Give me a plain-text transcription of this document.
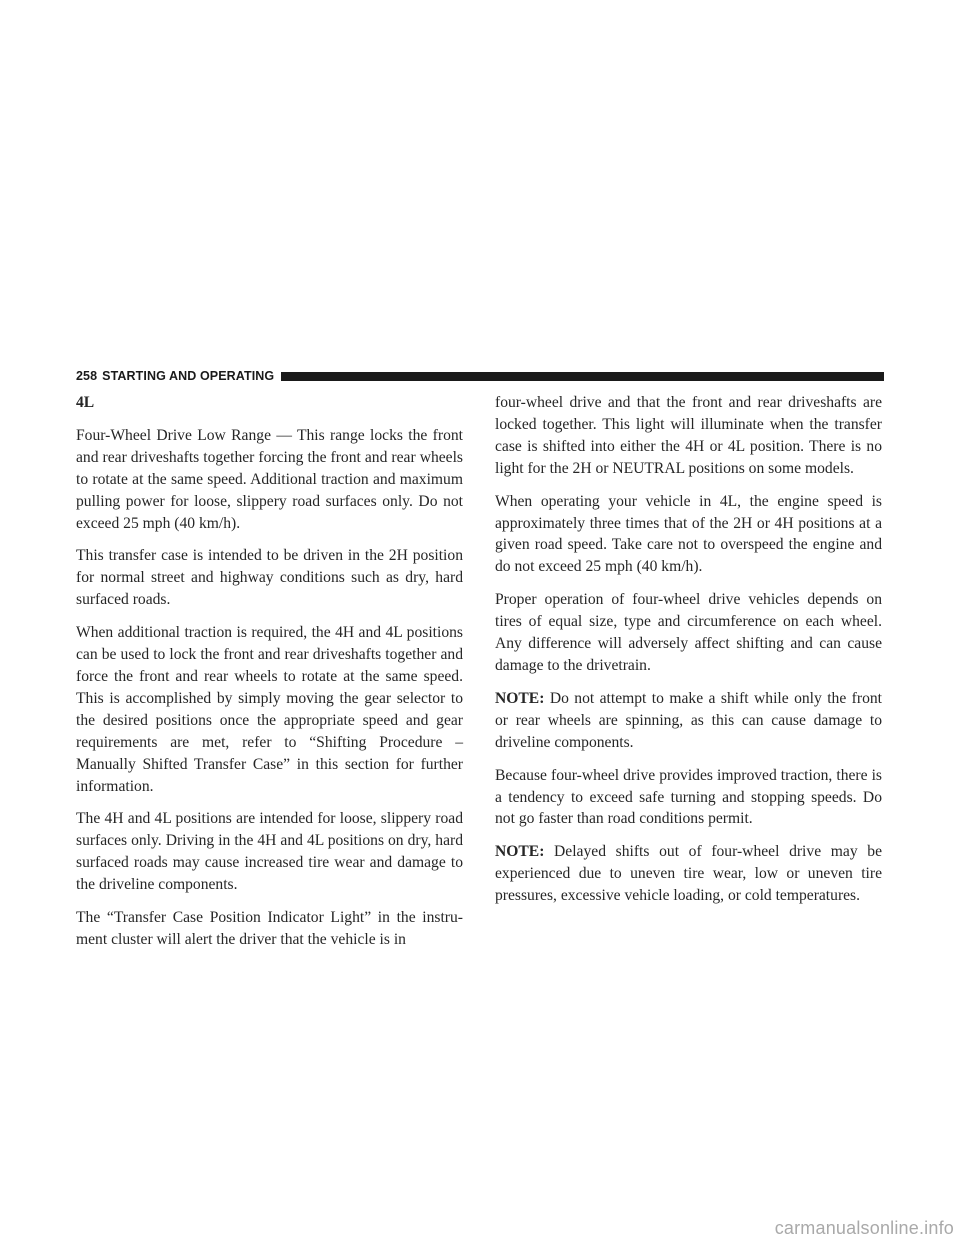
258 STARTING AND OPERATING
4L

Four-Wheel Drive Low Range — This range locks the front and rear driveshafts together forcing the front and rear wheels to rotate at the same speed. Additional traction and maximum pulling power for loose, slippery road surfaces only. Do not exceed 25 mph (40 km/h).

This transfer case is intended to be driven in the 2H position for normal street and highway conditions such as dry, hard surfaced roads.

When additional traction is required, the 4H and 4L positions can be used to lock the front and rear driveshafts together and force the front and rear wheels to rotate at the same speed. This is accomplished by simply moving the gear selector to the desired positions once the appropriate speed and gear requirements are met, refer to “Shifting Procedure – Manually Shifted Transfer Case” in this section for further information.

The 4H and 4L positions are intended for loose, slippery road surfaces only. Driving in the 4H and 4L positions on dry, hard surfaced roads may cause increased tire wear and damage to the driveline components.

The “Transfer Case Position Indicator Light” in the instru- ment cluster will alert the driver that the vehicle is in

four-wheel drive and that the front and rear driveshafts are locked together. This light will illuminate when the transfer case is shifted into either the 4H or 4L position. There is no light for the 2H or NEUTRAL positions on some models.

When operating your vehicle in 4L, the engine speed is approximately three times that of the 2H or 4H positions at a given road speed. Take care not to overspeed the engine and do not exceed 25 mph (40 km/h).

Proper operation of four-wheel drive vehicles depends on tires of equal size, type and circumference on each wheel. Any difference will adversely affect shifting and can cause damage to the drivetrain.

NOTE: Do not attempt to make a shift while only the front or rear wheels are spinning, as this can cause damage to driveline components.

Because four-wheel drive provides improved traction, there is a tendency to exceed safe turning and stopping speeds. Do not go faster than road conditions permit.

NOTE: Delayed shifts out of four-wheel drive may be experienced due to uneven tire wear, low or uneven tire pressures, excessive vehicle loading, or cold temperatures.

carmanualsonline.info
